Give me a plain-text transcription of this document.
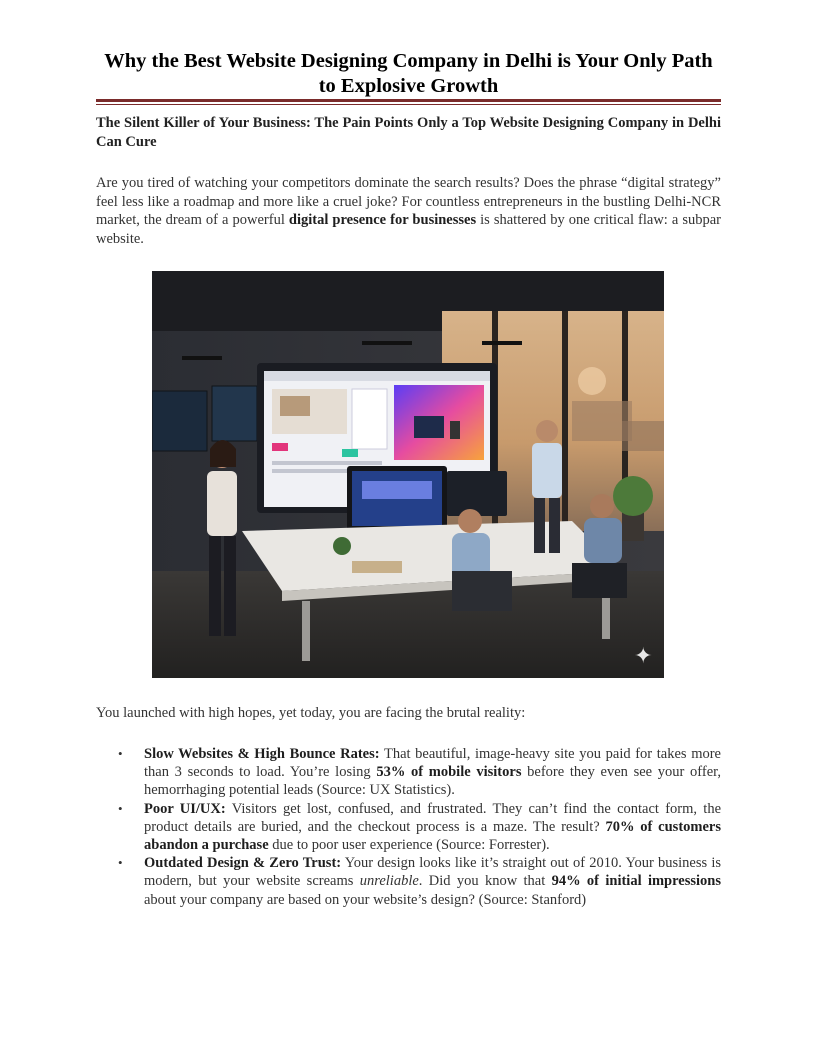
Why the Best Website Designing Company in Delhi is Your Only Path to Explosive Growth
The Silent Killer of Your Business: The Pain Points Only a Top Website Designing Company in Delhi Can Cure

Are you tired of watching your competitors dominate the search results? Does the phrase “digital strategy” feel less like a roadmap and more like a cruel joke? For countless entrepreneurs in the bustling Delhi-NCR market, the dream of a powerful digital presence for businesses is shattered by one critical flaw: a subpar website.

✦

You launched with high hopes, yet today, you are facing the brutal reality:

• Slow Websites & High Bounce Rates: That beautiful, image-heavy site you paid for takes more than 3 seconds to load. You’re losing 53% of mobile visitors before they even see your offer, hemorrhaging potential leads (Source: UX Statistics).
• Poor UI/UX: Visitors get lost, confused, and frustrated. They can’t find the contact form, the product details are buried, and the checkout process is a maze. The result? 70% of customers abandon a purchase due to poor user experience (Source: Forrester).
• Outdated Design & Zero Trust: Your design looks like it’s straight out of 2010. Your business is modern, but your website screams unreliable. Did you know that 94% of initial impressions about your company are based on your website’s design? (Source: Stanford)
